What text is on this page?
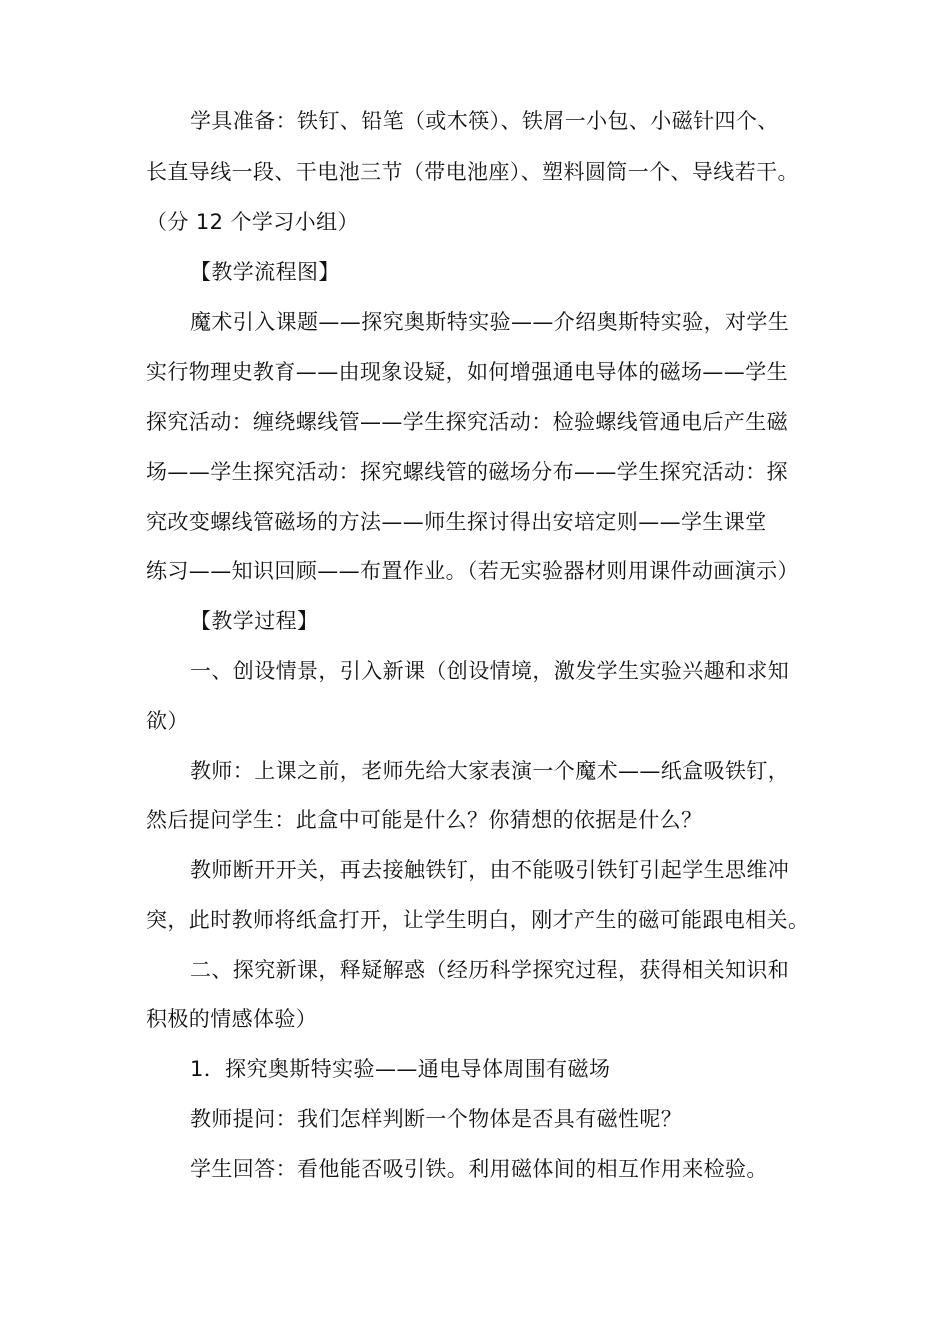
学具准备：铁钉、铅笔（或木筷）、铁屑一小包、小磁针四个、
长直导线一段、干电池三节（带电池座）、塑料圆筒一个、导线若干。
（分 12 个学习小组）
【教学流程图】
魔术引入课题——探究奥斯特实验——介绍奥斯特实验，对学生
实行物理史教育——由现象设疑，如何增强通电导体的磁场——学生
探究活动：缠绕螺线管——学生探究活动：检验螺线管通电后产生磁
场——学生探究活动：探究螺线管的磁场分布——学生探究活动：探
究改变螺线管磁场的方法——师生探讨得出安培定则——学生课堂
练习——知识回顾——布置作业。（若无实验器材则用课件动画演示）
【教学过程】
一、创设情景，引入新课（创设情境，激发学生实验兴趣和求知
欲）
教师：上课之前，老师先给大家表演一个魔术——纸盒吸铁钉，
然后提问学生：此盒中可能是什么？你猜想的依据是什么？
教师断开开关，再去接触铁钉，由不能吸引铁钉引起学生思维冲
突，此时教师将纸盒打开，让学生明白，刚才产生的磁可能跟电相关。
二、探究新课，释疑解惑（经历科学探究过程，获得相关知识和
积极的情感体验）
1．探究奥斯特实验——通电导体周围有磁场
教师提问：我们怎样判断一个物体是否具有磁性呢？
学生回答：看他能否吸引铁。利用磁体间的相互作用来检验。
